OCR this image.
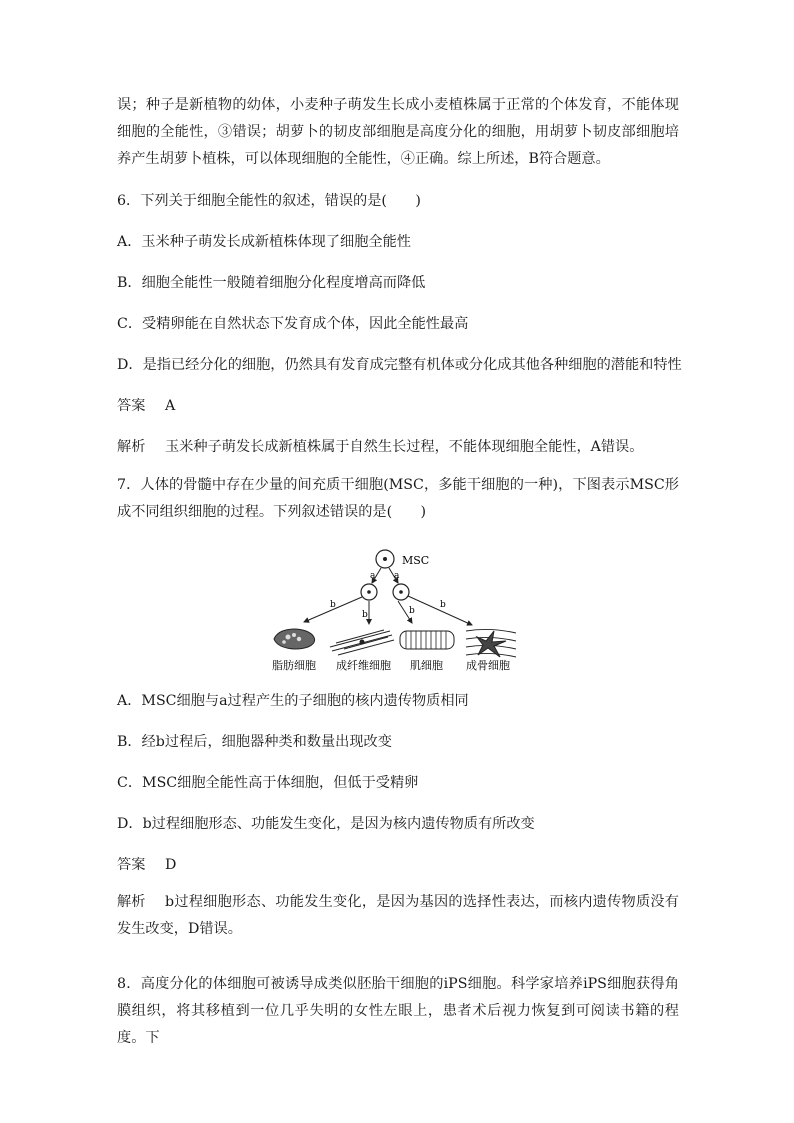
误；种子是新植物的幼体，小麦种子萌发生长成小麦植株属于正常的个体发育，不能体现细胞的全能性，③错误；胡萝卜的韧皮部细胞是高度分化的细胞，用胡萝卜韧皮部细胞培养产生胡萝卜植株，可以体现细胞的全能性，④正确。综上所述，B符合题意。
6．下列关于细胞全能性的叙述，错误的是(　　)
A．玉米种子萌发长成新植株体现了细胞全能性
B．细胞全能性一般随着细胞分化程度增高而降低
C．受精卵能在自然状态下发育成个体，因此全能性最高
D．是指已经分化的细胞，仍然具有发育成完整有机体或分化成其他各种细胞的潜能和特性
答案 A
解析 玉米种子萌发长成新植株属于自然生长过程，不能体现细胞全能性，A错误。
7．人体的骨髓中存在少量的间充质干细胞(MSC，多能干细胞的一种)，下图表示MSC形成不同组织细胞的过程。下列叙述错误的是(　　)
MSC
a a
b
b	b
b
脂肪细胞 成纤维细胞 肌细胞 成骨细胞
A．MSC细胞与a过程产生的子细胞的核内遗传物质相同
B．经b过程后，细胞器种类和数量出现改变
C．MSC细胞全能性高于体细胞，但低于受精卵
D．b过程细胞形态、功能发生变化，是因为核内遗传物质有所改变
答案 D
解析 b过程细胞形态、功能发生变化，是因为基因的选择性表达，而核内遗传物质没有发生改变，D错误。
8．高度分化的体细胞可被诱导成类似胚胎干细胞的iPS细胞。科学家培养iPS细胞获得角膜组织，将其移植到一位几乎失明的女性左眼上，患者术后视力恢复到可阅读书籍的程度。下
